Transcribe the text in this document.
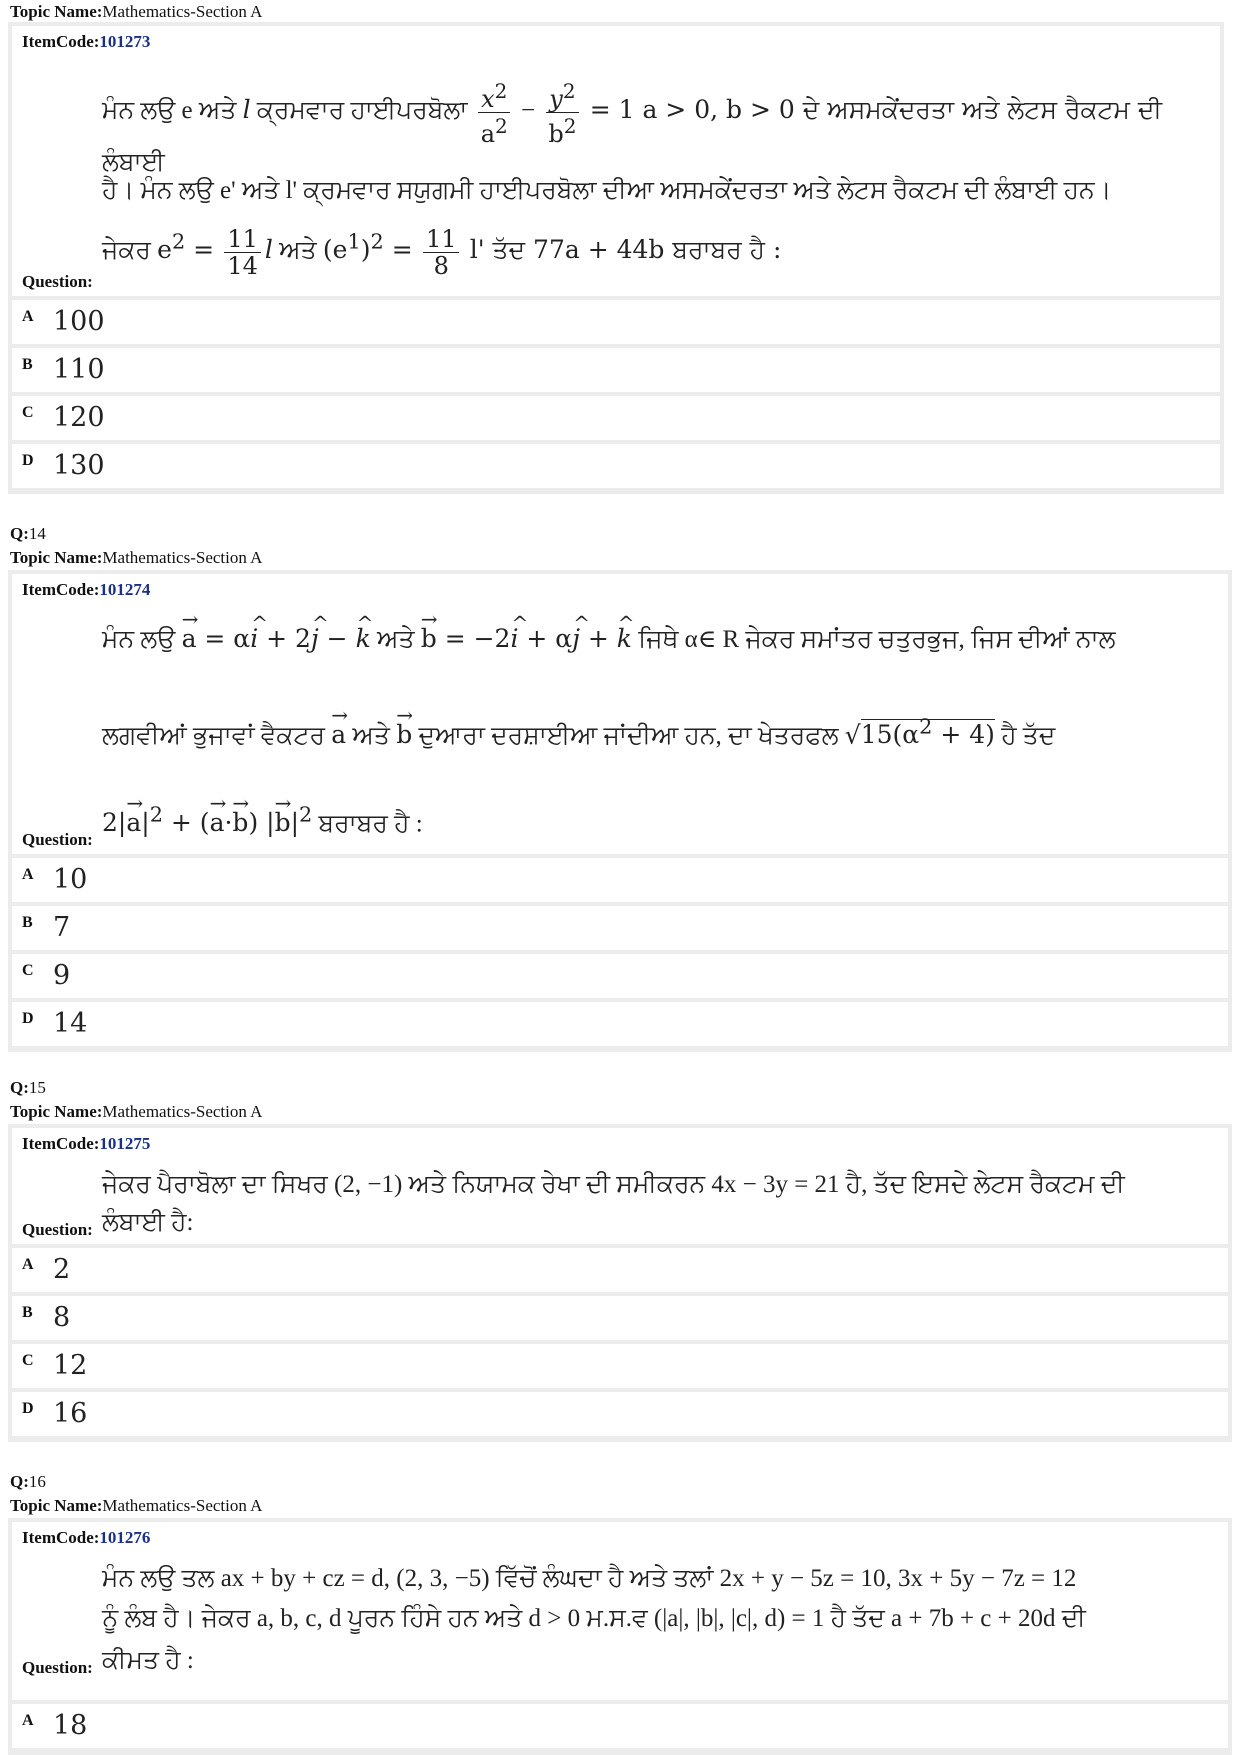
Topic Name:Mathematics-Section A
ItemCode:101273
ਮੰਨ ਲਉ e ਅਤੇ l ਕ੍ਰਮਵਾਰ ਹਾਈਪਰਬੋਲਾ $\frac{x^2}{a^2} - \frac{y^2}{b^2} = 1$ a > 0, b > 0 ਦੇ ਅਸਮਕੇਂਦਰਤਾ ਅਤੇ ਲੇਟਸ ਰੈਕਟਮ ਦੀ ਲੰਬਾਈ
ਹੈ। ਮੰਨ ਲਉ e' ਅਤੇ l' ਕ੍ਰਮਵਾਰ ਸਯੁਗਮੀ ਹਾਈਪਰਬੋਲਾ ਦੀਆ ਅਸਮਕੇਂਦਰਤਾ ਅਤੇ ਲੇਟਸ ਰੈਕਟਮ ਦੀ ਲੰਬਾਈ ਹਨ।
ਜੇਕਰ $e^2 = \frac{11}{14}$ l ਅਤੇ $(e^1)^2 = \frac{11}{8} l'$ ਤੱਦ 77a + 44b ਬਰਾਬਰ ਹੈ :
Question:
A 100
B 110
C 120
D 130
Q:14
Topic Name:Mathematics-Section A
ItemCode:101274
ਮੰਨ ਲਉ → a = α^ i + 2^ j − ^ k ਅਤੇ → b = −2^ i + α^ j + ^ k ਜਿਥੇ α∈ R ਜੇਕਰ ਸਮਾਂਤਰ ਚਤੁਰਭੁਜ, ਜਿਸ ਦੀਆਂ ਨਾਲ
ਲਗਵੀਆਂ ਭੁਜਾਵਾਂ ਵੈਕਟਰ → a ਅਤੇ → b ਦੁਆਰਾ ਦਰਸ਼ਾਈਆ ਜਾਂਦੀਆ ਹਨ, ਦਾ ਖੇਤਰਫਲ $√15(\alpha^2 + 4)$ ਹੈ ਤੱਦ
$2|\to a|^2$ + (→ a·→ b) |→ $b|^2$ ਬਰਾਬਰ ਹੈ :
Question:
A 10
B 7
C 9
D 14
Q:15
Topic Name:Mathematics-Section A
ItemCode:101275
ਜੇਕਰ ਪੈਰਾਬੋਲਾ ਦਾ ਸਿਖਰ (2, −1) ਅਤੇ ਨਿਯਾਮਕ ਰੇਖਾ ਦੀ ਸਮੀਕਰਨ 4x − 3y = 21 ਹੈ, ਤੱਦ ਇਸਦੇ ਲੇਟਸ ਰੈਕਟਮ ਦੀ
ਲੰਬਾਈ ਹੈ:
Question:
A 2
B 8
C 12
D 16
Q:16
Topic Name:Mathematics-Section A
ItemCode:101276
ਮੰਨ ਲਉ ਤਲ ax + by + cz = d, (2, 3, −5) ਵਿੱਚੋਂ ਲੰਘਦਾ ਹੈ ਅਤੇ ਤਲਾਂ 2x + y − 5z = 10, 3x + 5y − 7z = 12
ਨੂੰ ਲੰਬ ਹੈ। ਜੇਕਰ a, b, c, d ਪੂਰਨ ਹਿੰਸੇ ਹਨ ਅਤੇ d > 0 ਮ.ਸ.ਵ (|a|, |b|, |c|, d) = 1 ਹੈ ਤੱਦ a + 7b + c + 20d ਦੀ
ਕੀਮਤ ਹੈ :
Question:
A 18
